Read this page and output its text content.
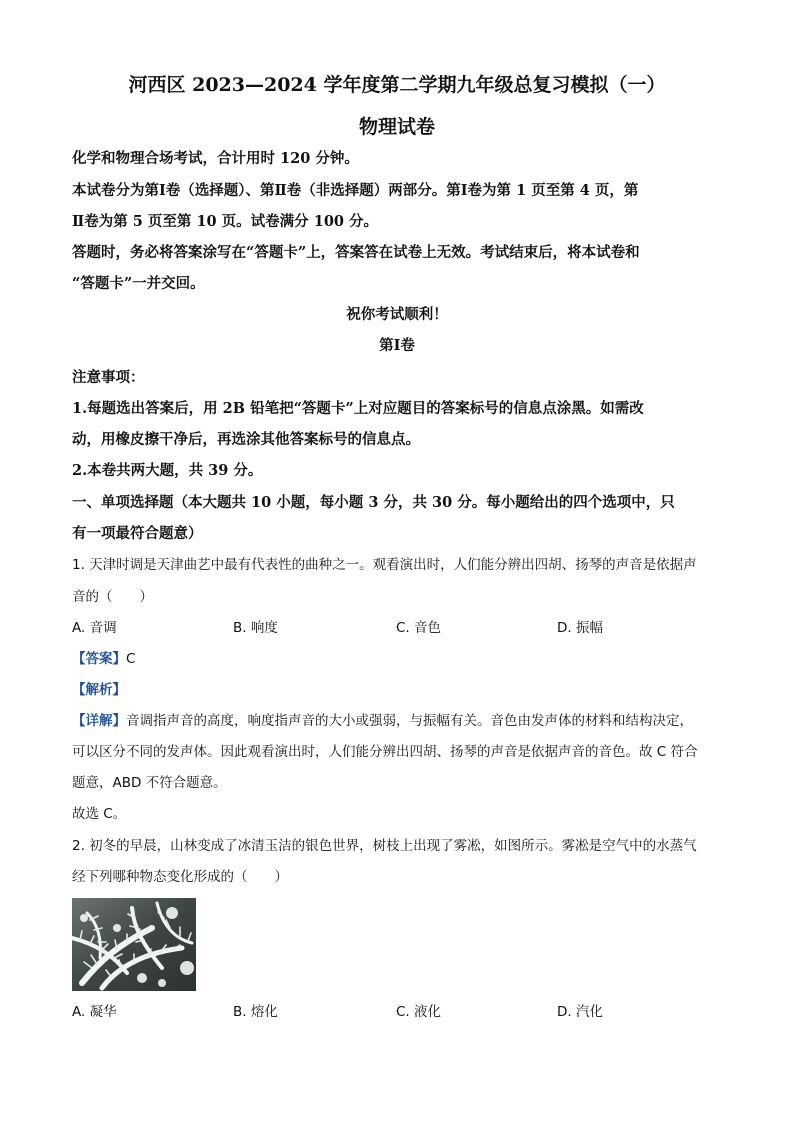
河西区 2023—2024 学年度第二学期九年级总复习模拟（一）
物理试卷
化学和物理合场考试，合计用时 120 分钟。
本试卷分为第Ⅰ卷（选择题）、第Ⅱ卷（非选择题）两部分。第Ⅰ卷为第 1 页至第 4 页，第
Ⅱ卷为第 5 页至第 10 页。试卷满分 100 分。
答题时，务必将答案涂写在“答题卡”上，答案答在试卷上无效。考试结束后，将本试卷和
“答题卡”一并交回。
祝你考试顺利！
第Ⅰ卷
注意事项：
1.每题选出答案后，用 2B 铅笔把“答题卡”上对应题目的答案标号的信息点涂黑。如需改
动，用橡皮擦干净后，再选涂其他答案标号的信息点。
2.本卷共两大题，共 39 分。
一、单项选择题（本大题共 10 小题，每小题 3 分，共 30 分。每小题给出的四个选项中，只
有一项最符合题意）
1. 天津时调是天津曲艺中最有代表性的曲种之一。观看演出时，人们能分辨出四胡、扬琴的声音是依据声
音的（　　）
A. 音调	B. 响度	C. 音色	D. 振幅
【答案】C
【解析】
【详解】音调指声音的高度，响度指声音的大小或强弱，与振幅有关。音色由发声体的材料和结构决定，
可以区分不同的发声体。因此观看演出时，人们能分辨出四胡、扬琴的声音是依据声音的音色。故 C 符合
题意，ABD 不符合题意。
故选 C。
2. 初冬的早晨，山林变成了冰清玉洁的银色世界，树枝上出现了雾凇，如图所示。雾凇是空气中的水蒸气
经下列哪种物态变化形成的（　　）
A. 凝华	B. 熔化	C. 液化	D. 汽化
